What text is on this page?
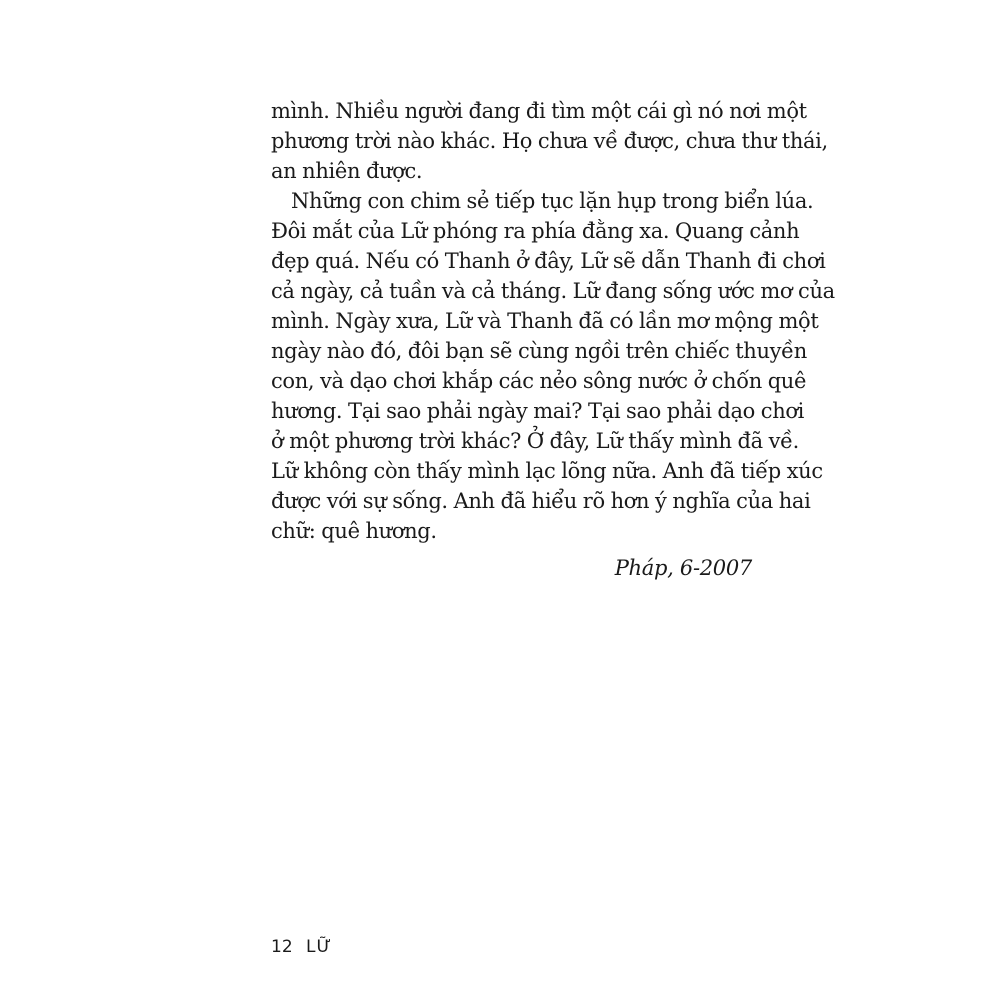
mình. Nhiều người đang đi tìm một cái gì nó nơi một
phương trời nào khác. Họ chưa về được, chưa thư thái,
an nhiên được.
Những con chim sẻ tiếp tục lặn hụp trong biển lúa.
Đôi mắt của Lữ phóng ra phía đằng xa. Quang cảnh
đẹp quá. Nếu có Thanh ở đây, Lữ sẽ dẫn Thanh đi chơi
cả ngày, cả tuần và cả tháng. Lữ đang sống ước mơ của
mình. Ngày xưa, Lữ và Thanh đã có lần mơ mộng một
ngày nào đó, đôi bạn sẽ cùng ngồi trên chiếc thuyền
con, và dạo chơi khắp các nẻo sông nước ở chốn quê
hương. Tại sao phải ngày mai? Tại sao phải dạo chơi
ở một phương trời khác? Ở đây, Lữ thấy mình đã về.
Lữ không còn thấy mình lạc lõng nữa. Anh đã tiếp xúc
được với sự sống. Anh đã hiểu rõ hơn ý nghĩa của hai
chữ: quê hương.
Pháp, 6-2007
12 LỮ
